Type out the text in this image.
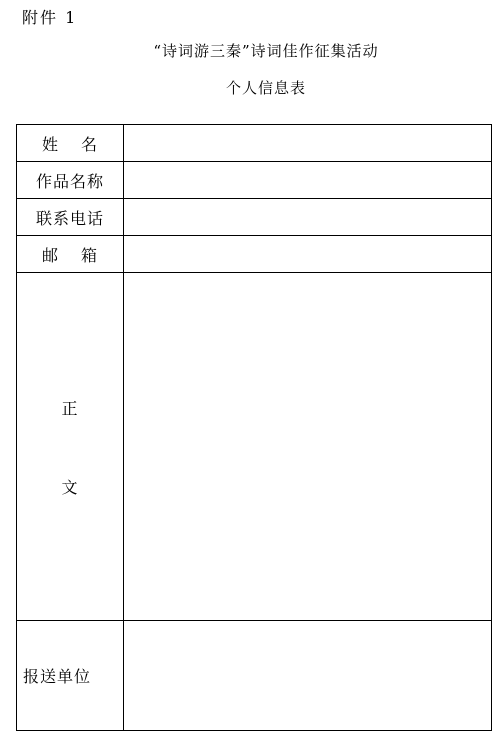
附件 1
“诗词游三秦”诗词佳作征集活动
个人信息表
姓 名
作品名称
联系电话
邮 箱
正
文
报送单位
